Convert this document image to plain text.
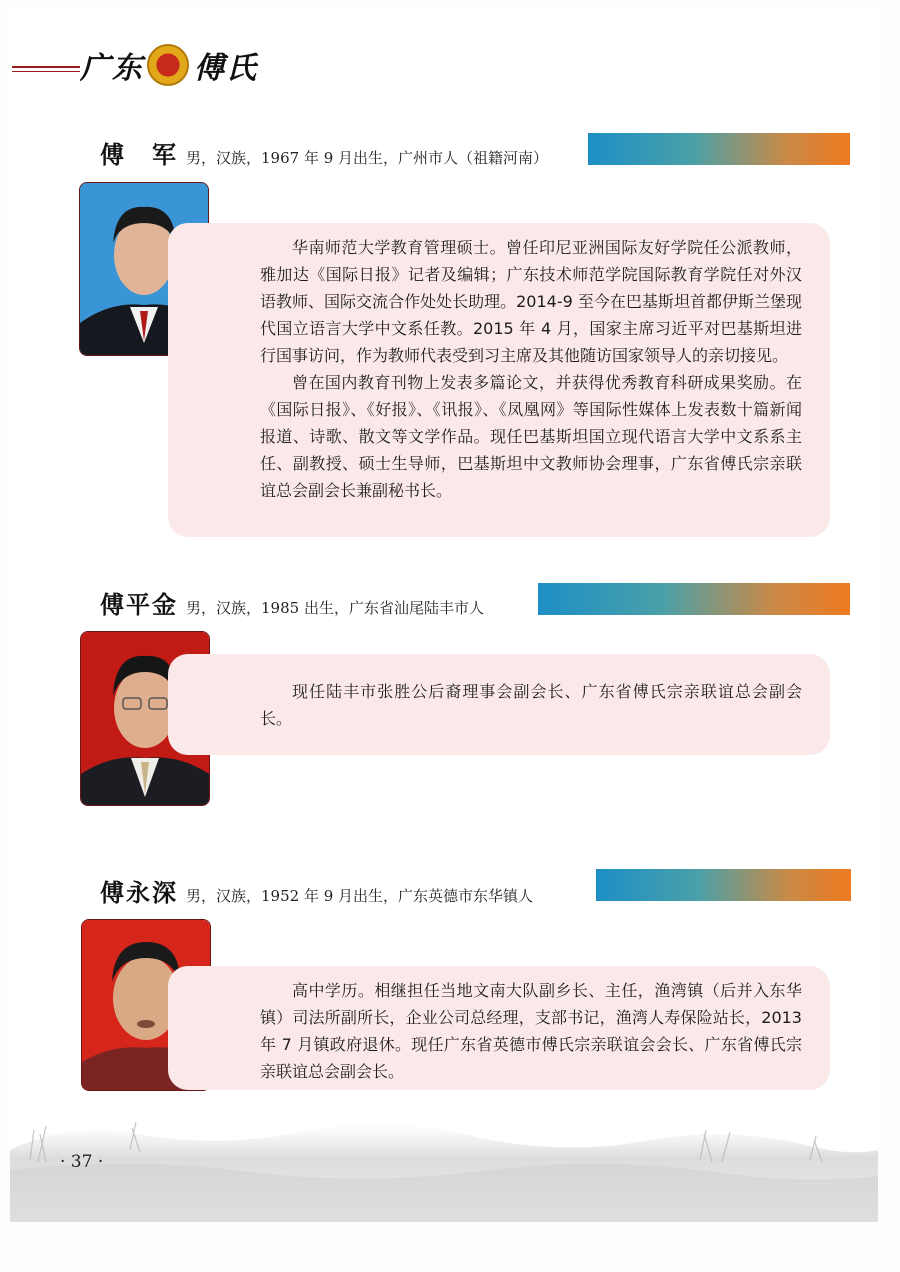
广 东 傅 氏
傅　军 男，汉族，1967 年 9 月出生，广州市人（祖籍河南）

华南师范大学教育管理硕士。曾任印尼亚洲国际友好学院任公派教师，雅加达《国际日报》记者及编辑；广东技术师范学院国际教育学院任对外汉语教师、国际交流合作处处长助理。2014-9 至今在巴基斯坦首都伊斯兰堡现代国立语言大学中文系任教。2015 年 4 月，国家主席习近平对巴基斯坦进行国事访问，作为教师代表受到习主席及其他随访国家领导人的亲切接见。

曾在国内教育刊物上发表多篇论文，并获得优秀教育科研成果奖励。在《国际日报》、《好报》、《讯报》、《凤凰网》等国际性媒体上发表数十篇新闻报道、诗歌、散文等文学作品。现任巴基斯坦国立现代语言大学中文系系主任、副教授、硕士生导师，巴基斯坦中文教师协会理事，广东省傅氏宗亲联谊总会副会长兼副秘书长。

傅平金 男，汉族，1985 出生，广东省汕尾陆丰市人

现任陆丰市张胜公后裔理事会副会长、广东省傅氏宗亲联谊总会副会长。

傅永深 男，汉族，1952 年 9 月出生，广东英德市东华镇人

高中学历。相继担任当地文南大队副乡长、主任，渔湾镇（后并入东华镇）司法所副所长，企业公司总经理，支部书记，渔湾人寿保险站长，2013 年 7 月镇政府退休。现任广东省英德市傅氏宗亲联谊会会长、广东省傅氏宗亲联谊总会副会长。

· 37 ·
